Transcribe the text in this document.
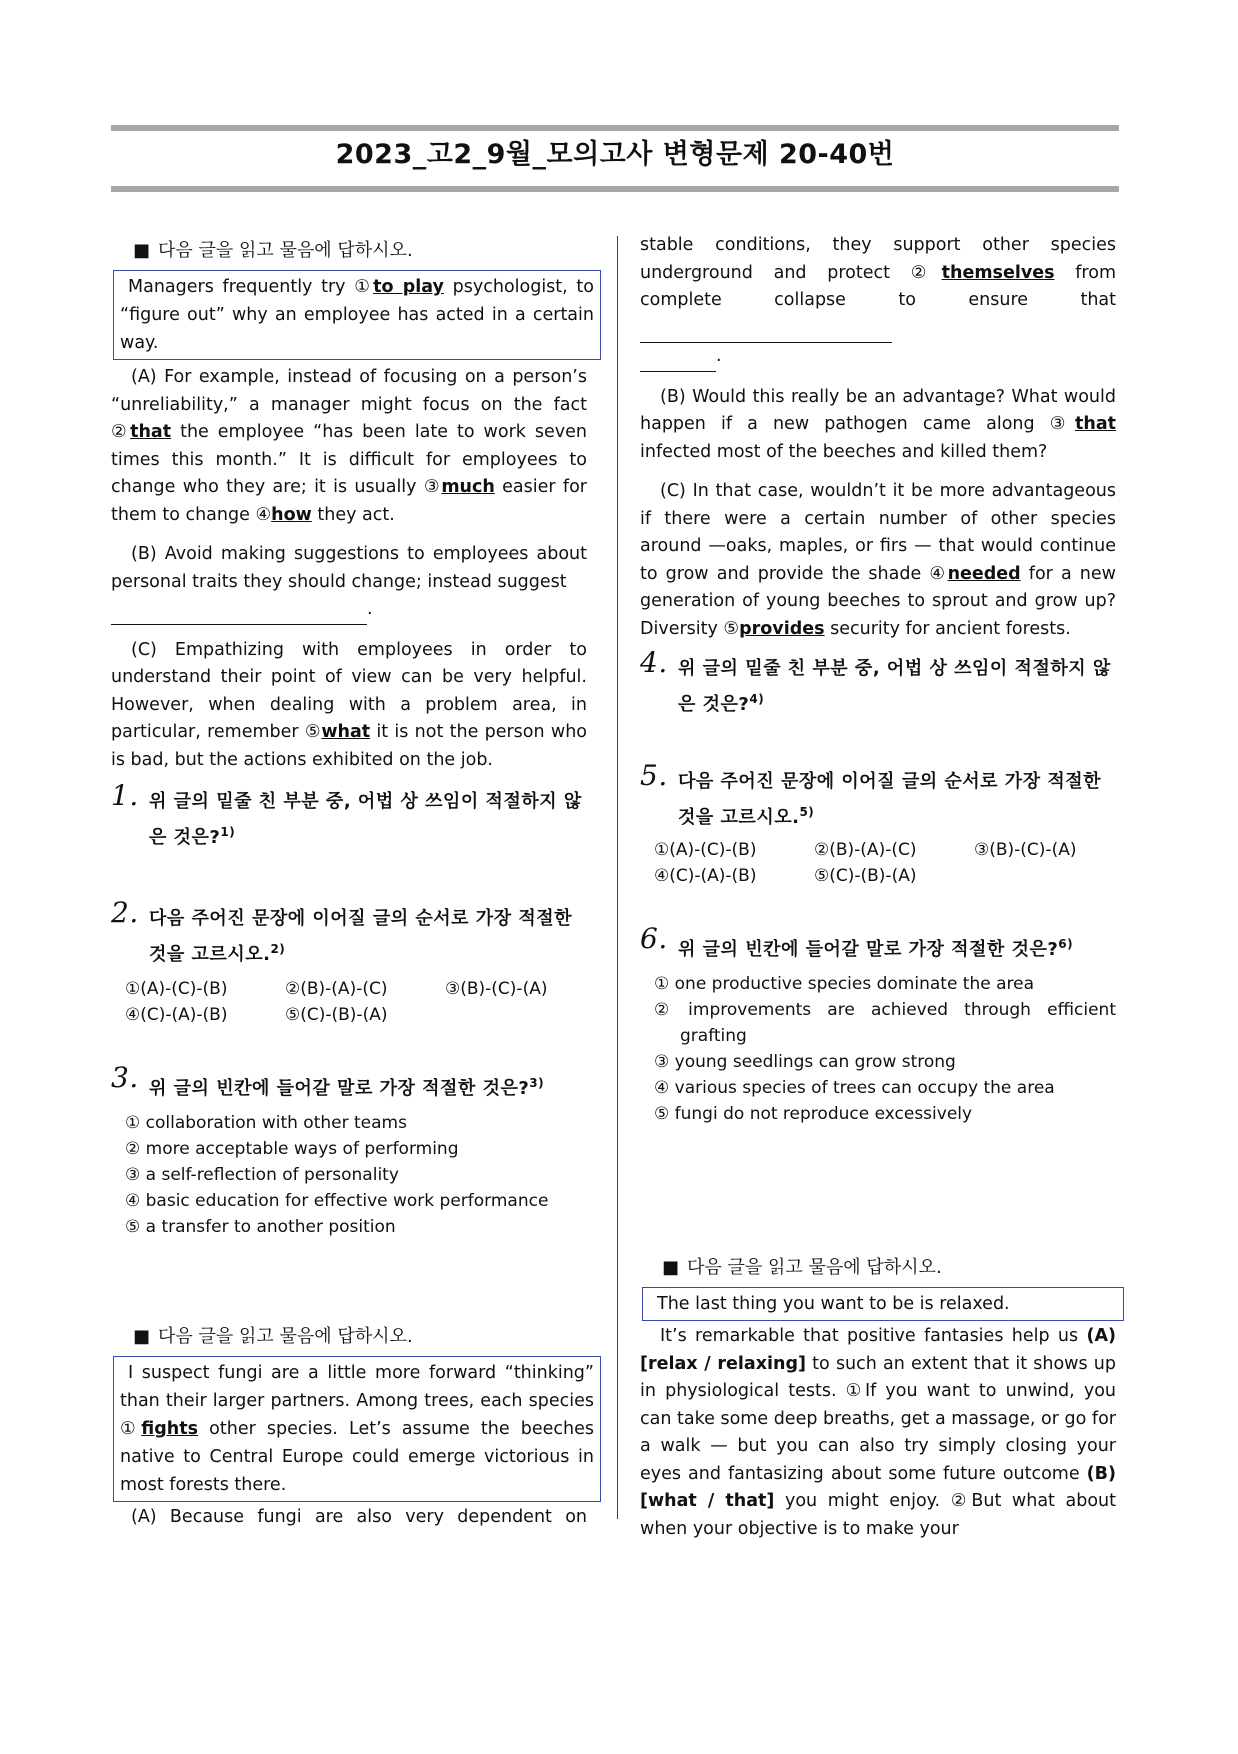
2023_고2_9월_모의고사 변형문제 20-40번
■ 다음 글을 읽고 물음에 답하시오.
Managers frequently try ①to play psychologist, to “figure out” why an employee has acted in a certain way.

(A) For example, instead of focusing on a person’s “unreliability,” a manager might focus on the fact ②that the employee “has been late to work seven times this month.” It is difficult for employees to change who they are; it is usually ③much easier for them to change ④how they act.

(B) Avoid making suggestions to employees about personal traits they should change; instead suggest
.

(C) Empathizing with employees in order to understand their point of view can be very helpful. However, when dealing with a problem area, in particular, remember ⑤what it is not the person who is bad, but the actions exhibited on the job.

1. 위 글의 밑줄 친 부분 중, 어법 상 쓰임이 적절하지 않은 것은?$^{1)}$
2. 다음 주어진 문장에 이어질 글의 순서로 가장 적절한 것을 고르시오.$^{2)}$
①(A)-(C)-(B)	②(B)-(A)-(C)	③(B)-(C)-(A)
④(C)-(A)-(B)	⑤(C)-(B)-(A)
3. 위 글의 빈칸에 들어갈 말로 가장 적절한 것은?$^{3)}$
① collaboration with other teams
② more acceptable ways of performing
③ a self-reflection of personality
④ basic education for effective work performance
⑤ a transfer to another position
■ 다음 글을 읽고 물음에 답하시오.
I suspect fungi are a little more forward “thinking” than their larger partners. Among trees, each species ①fights other species. Let’s assume the beeches native to Central Europe could emerge victorious in most forests there.

(A) Because fungi are also very dependent on

stable conditions, they support other species underground and protect ②themselves from complete collapse to ensure that
.

(B) Would this really be an advantage? What would happen if a new pathogen came along ③that infected most of the beeches and killed them?

(C) In that case, wouldn’t it be more advantageous if there were a certain number of other species around —oaks, maples, or firs — that would continue to grow and provide the shade ④needed for a new generation of young beeches to sprout and grow up? Diversity ⑤provides security for ancient forests.

4. 위 글의 밑줄 친 부분 중, 어법 상 쓰임이 적절하지 않은 것은?$^{4)}$
5. 다음 주어진 문장에 이어질 글의 순서로 가장 적절한 것을 고르시오.$^{5)}$
①(A)-(C)-(B)	②(B)-(A)-(C)	③(B)-(C)-(A)
④(C)-(A)-(B)	⑤(C)-(B)-(A)
6. 위 글의 빈칸에 들어갈 말로 가장 적절한 것은?$^{6)}$
① one productive species dominate the area
② improvements are achieved through efficient grafting
③ young seedlings can grow strong
④ various species of trees can occupy the area
⑤ fungi do not reproduce excessively
■ 다음 글을 읽고 물음에 답하시오.
The last thing you want to be is relaxed.

It’s remarkable that positive fantasies help us (A)[relax / relaxing] to such an extent that it shows up in physiological tests. ①If you want to unwind, you can take some deep breaths, get a massage, or go for a walk — but you can also try simply closing your eyes and fantasizing about some future outcome (B)[what / that] you might enjoy. ②But what about when your objective is to make your
